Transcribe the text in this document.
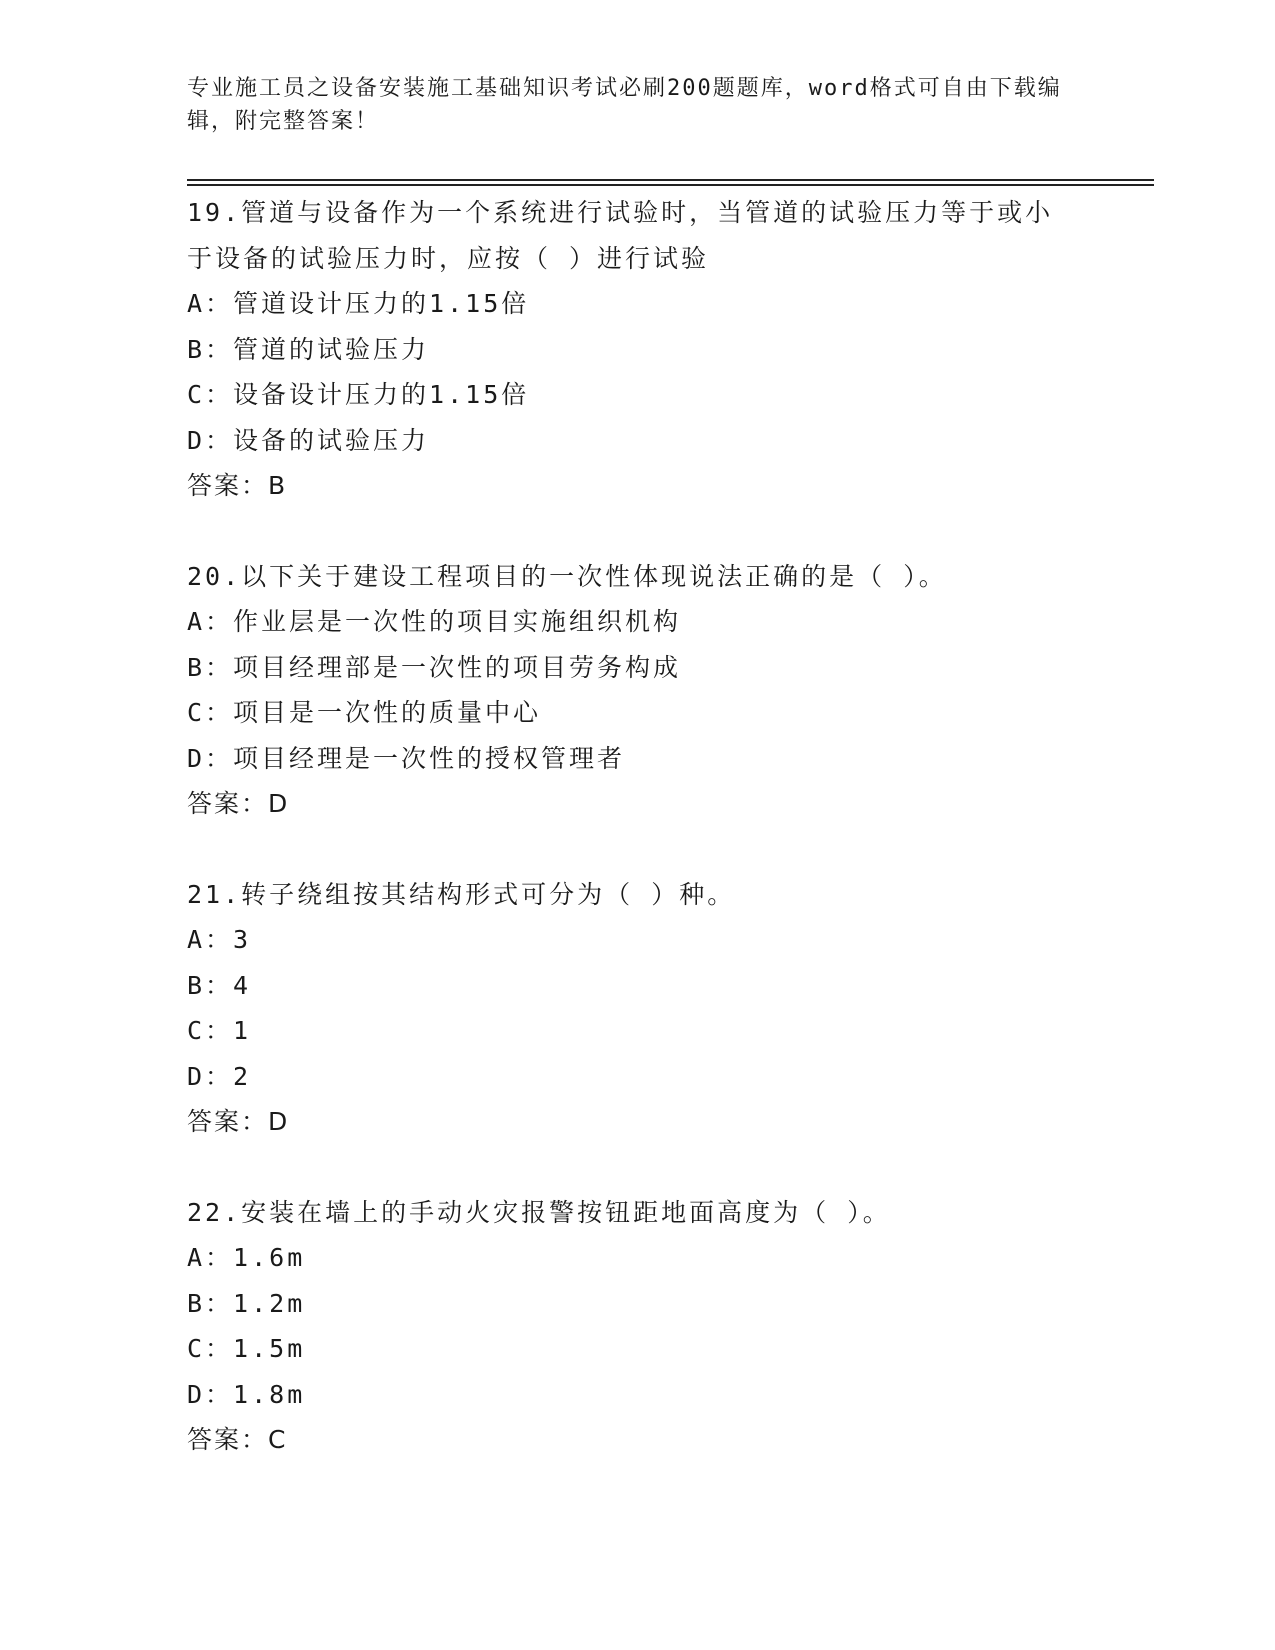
专业施工员之设备安装施工基础知识考试必刷200题题库，word格式可自由下载编辑，附完整答案！
19.管道与设备作为一个系统进行试验时，当管道的试验压力等于或小于设备的试验压力时，应按（ ）进行试验
A：管道设计压力的1.15倍
B：管道的试验压力
C：设备设计压力的1.15倍
D：设备的试验压力
答案：B
20.以下关于建设工程项目的一次性体现说法正确的是（ ）。
A：作业层是一次性的项目实施组织机构
B：项目经理部是一次性的项目劳务构成
C：项目是一次性的质量中心
D：项目经理是一次性的授权管理者
答案：D
21.转子绕组按其结构形式可分为（ ）种。
A：3
B：4
C：1
D：2
答案：D
22.安装在墙上的手动火灾报警按钮距地面高度为（ ）。
A：1.6m
B：1.2m
C：1.5m
D：1.8m
答案：C
